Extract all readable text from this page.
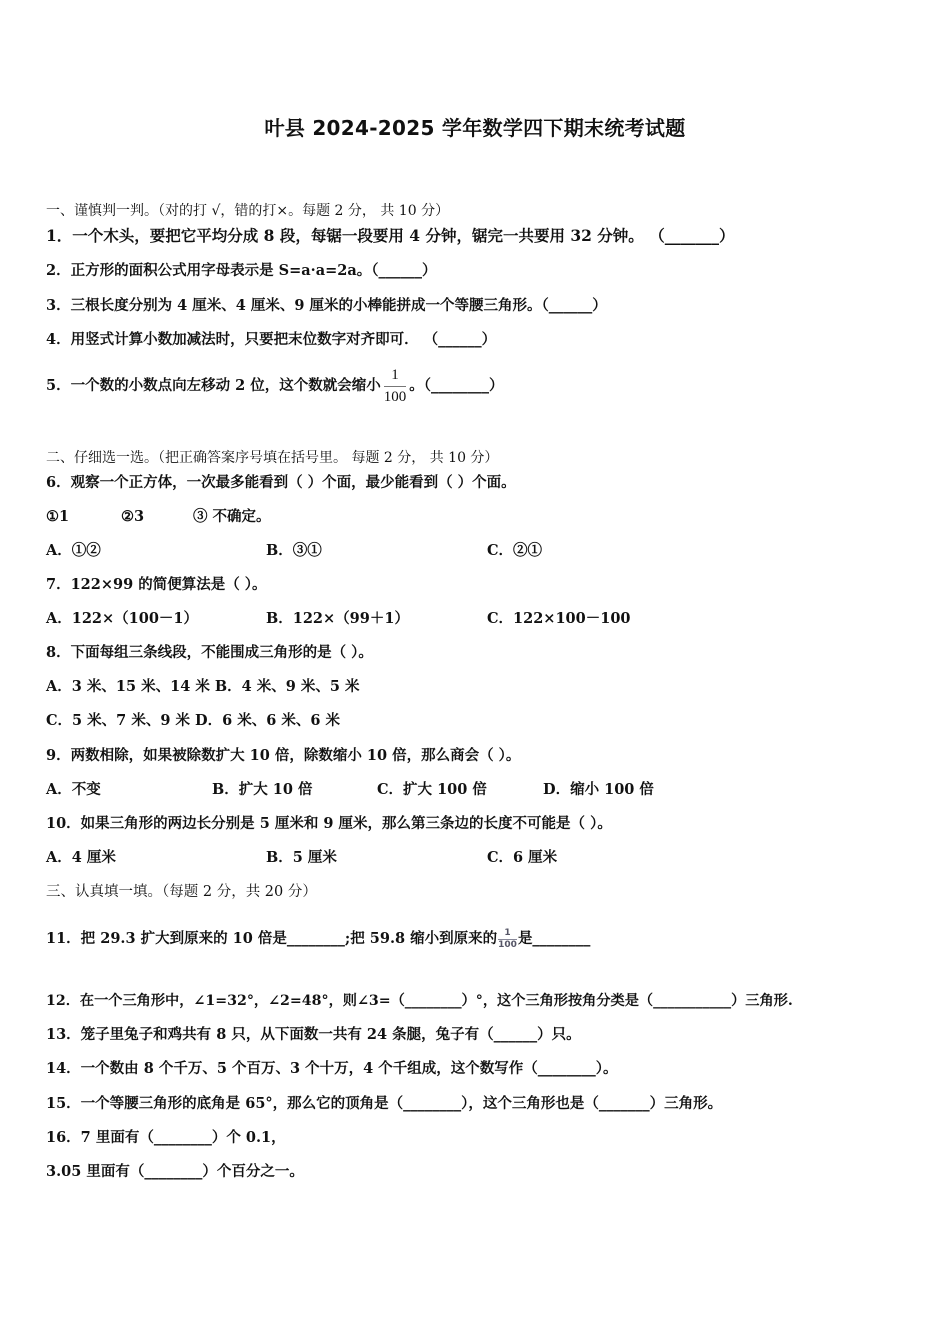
叶县 2024-2025 学年数学四下期末统考试题
一、谨慎判一判。（对的打 √，错的打×。每题 2 分， 共 10 分）
1．一个木头，要把它平均分成 8 段，每锯一段要用 4 分钟，锯完一共要用 32 分钟。 （_______）
2．正方形的面积公式用字母表示是 S=a·a=2a。（______）
3．三根长度分别为 4 厘米、4 厘米、9 厘米的小棒能拼成一个等腰三角形。（______）
4．用竖式计算小数加减法时，只要把末位数字对齐即可． （______）
5．一个数的小数点向左移动 2 位，这个数就会缩小 $\frac{1}{100}$ 。（________）
二、仔细选一选。（把正确答案序号填在括号里。 每题 2 分， 共 10 分）
6．观察一个正方体，一次最多能看到（ ）个面，最少能看到（ ）个面。
①1	②3	③ 不确定。
A．①②	B．③①	C．②①
7．122×99 的简便算法是（ ）。
A．122×（100－1）	B．122×（99＋1）	C．122×100－100
8．下面每组三条线段，不能围成三角形的是（ ）。
A．3 米、15 米、14 米 B．4 米、9 米、5 米
C．5 米、7 米、9 米 D．6 米、6 米、6 米
9．两数相除，如果被除数扩大 10 倍，除数缩小 10 倍，那么商会（ ）。
A．不变	B．扩大 10 倍	C．扩大 100 倍	D．缩小 100 倍
10．如果三角形的两边长分别是 5 厘米和 9 厘米，那么第三条边的长度不可能是（ ）。
A．4 厘米	B．5 厘米	C．6 厘米
三、认真填一填。（每题 2 分，共 20 分）
11．把 29.3 扩大到原来的 10 倍是________;把 59.8 缩小到原来的 $\frac{1}{100}$ 是________
12．在一个三角形中，∠1=32°，∠2=48°，则∠3=（________）°，这个三角形按角分类是（___________）三角形.
13．笼子里兔子和鸡共有 8 只，从下面数一共有 24 条腿，兔子有（______）只。
14．一个数由 8 个千万、5 个百万、3 个十万，4 个千组成，这个数写作（________）。
15．一个等腰三角形的底角是 65°，那么它的顶角是（________），这个三角形也是（_______）三角形。
16．7 里面有（________）个 0.1，
3.05 里面有（________）个百分之一。
